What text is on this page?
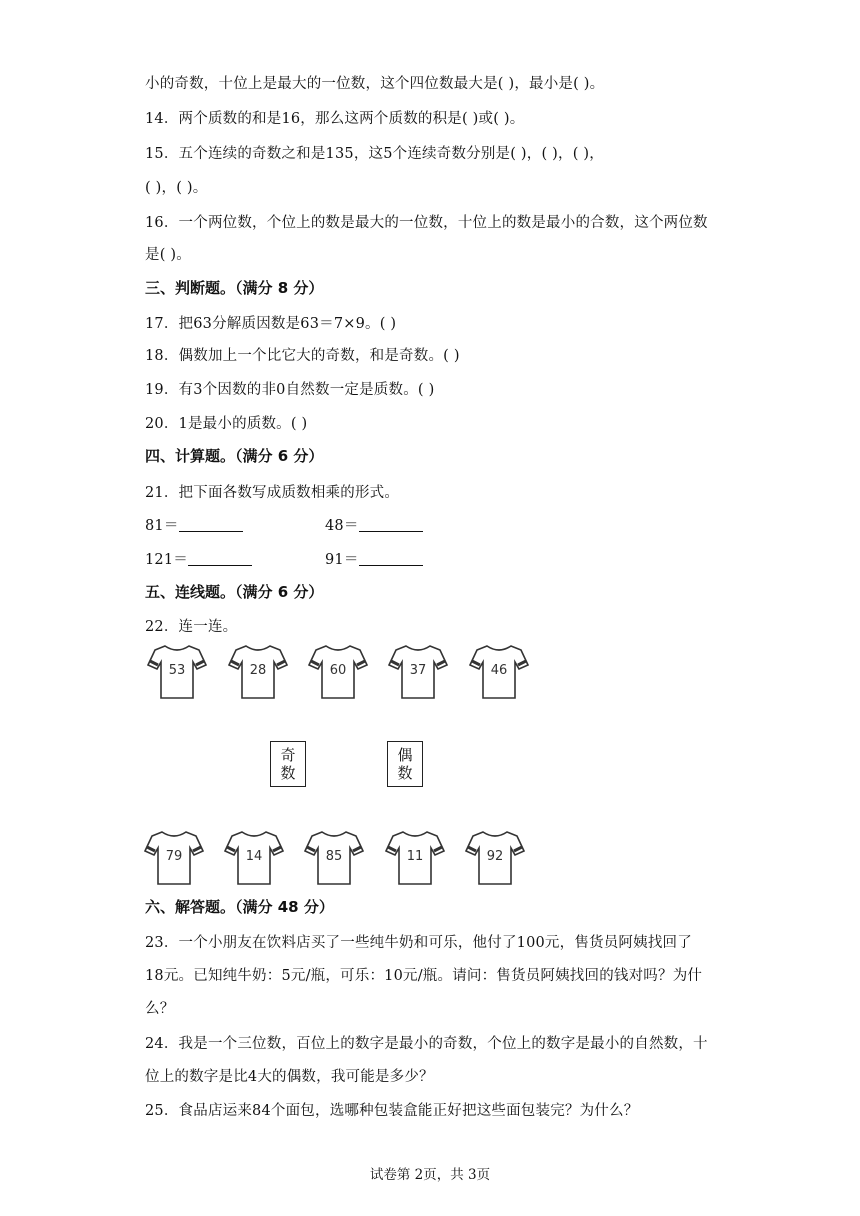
小的奇数，十位上是最大的一位数，这个四位数最大是( )，最小是( )。
14．两个质数的和是16，那么这两个质数的积是( )或( )。
15．五个连续的奇数之和是135，这5个连续奇数分别是( )，( )，( )，
( )，( )。
16．一个两位数，个位上的数是最大的一位数，十位上的数是最小的合数，这个两位数
是( )。
三、判断题。（满分 8 分）
17．把63分解质因数是63＝7×9。( )
18．偶数加上一个比它大的奇数，和是奇数。( )
19．有3个因数的非0自然数一定是质数。( )
20．1是最小的质数。( )
四、计算题。（满分 6 分）
21．把下面各数写成质数相乘的形式。
81＝	48＝
121＝	91＝
五、连线题。（满分 6 分）
22．连一连。
53	28	60	37	46
奇
数
偶
数
79	14	85	11	92
六、解答题。（满分 48 分）
23．一个小朋友在饮料店买了一些纯牛奶和可乐，他付了100元，售货员阿姨找回了
18元。已知纯牛奶：5元/瓶，可乐：10元/瓶。请问：售货员阿姨找回的钱对吗？为什
么？
24．我是一个三位数，百位上的数字是最小的奇数，个位上的数字是最小的自然数，十
位上的数字是比4大的偶数，我可能是多少？
25．食品店运来84个面包，选哪种包装盒能正好把这些面包装完？为什么？
试卷第 2页，共 3页
